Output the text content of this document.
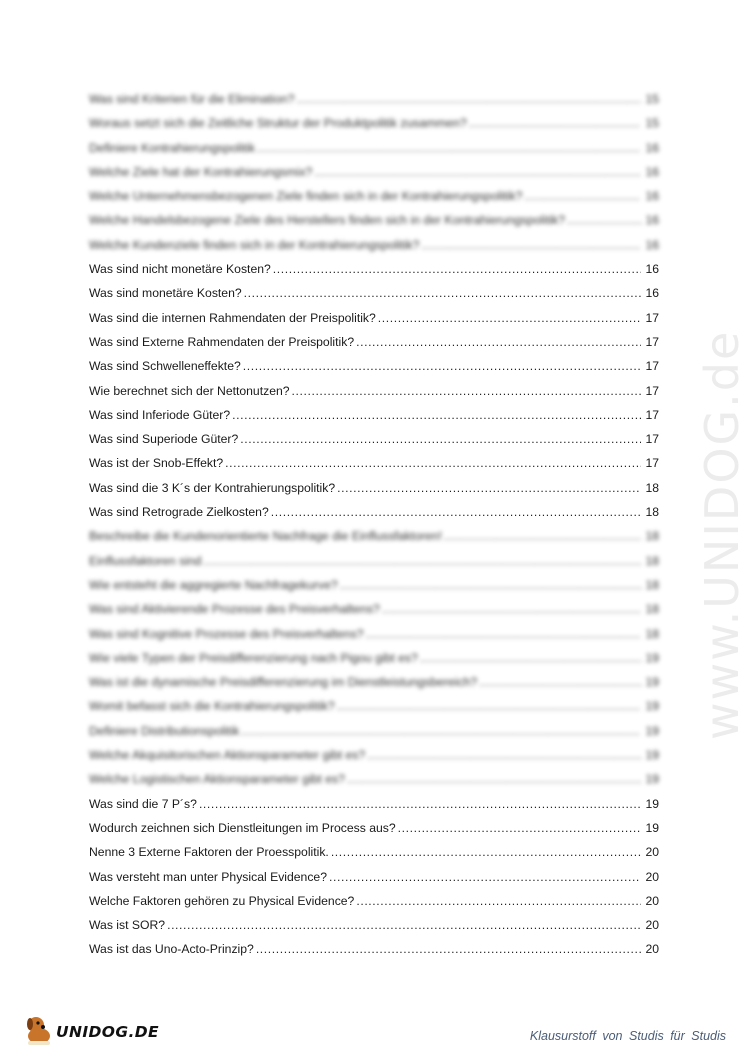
www.UNIDOG.de
Was sind Kriterien für die Elimination? .....	15
Woraus setzt sich die Zeitliche Struktur der Produktpolitik zusammen? .....	15
Definiere Kontrahierungspolitik .....	16
Welche Ziele hat der Kontrahierungsmix? .....	16
Welche Unternehmensbezogenen Ziele finden sich in der Kontrahierungspolitik? .....	16
Welche Handelsbezogene Ziele des Herstellers finden sich in der Kontrahierungspolitik? .....	16
Welche Kundenziele finden sich in der Kontrahierungspolitik? .....	16
Was sind nicht monetäre Kosten? .....	16
Was sind monetäre Kosten? .....	16
Was sind die internen Rahmendaten der Preispolitik? .....	17
Was sind Externe Rahmendaten der Preispolitik? .....	17
Was sind Schwelleneffekte? .....	17
Wie berechnet sich der Nettonutzen? .....	17
Was sind Inferiode Güter? .....	17
Was sind Superiode Güter? .....	17
Was ist der Snob-Effekt? .....	17
Was sind die 3 K´s der Kontrahierungspolitik? .....	18
Was sind Retrograde Zielkosten? .....	18
Beschreibe die Kundenorientierte Nachfrage die Einflussfaktoren! .....	18
Einflussfaktoren sind .....	18
Wie entsteht die aggregierte Nachfragekurve? .....	18
Was sind Aktivierende Prozesse des Preisverhaltens? .....	18
Was sind Kognitive Prozesse des Preisverhaltens? .....	18
Wie viele Typen der Preisdifferenzierung nach Pigou gibt es? .....	19
Was ist die dynamische Preisdifferenzierung im Dienstleistungsbereich? .....	19
Womit befasst sich die Kontrahierungspolitik? .....	19
Definiere Distributionspolitik .....	19
Welche Akquisitorischen Aktionsparameter gibt es? .....	19
Welche Logistischen Aktionsparameter gibt es? .....	19
Was sind die 7 P´s? .....	19
Wodurch zeichnen sich Dienstleitungen im Process aus? .....	19
Nenne 3 Externe Faktoren der Proesspolitik. .....	20
Was versteht man unter Physical Evidence? .....	20
Welche Faktoren gehören zu Physical Evidence? .....	20
Was ist SOR? .....	20
Was ist das Uno-Acto-Prinzip? .....	20
UNIDOG.DE	Klausurstoff von Studis für Studis
